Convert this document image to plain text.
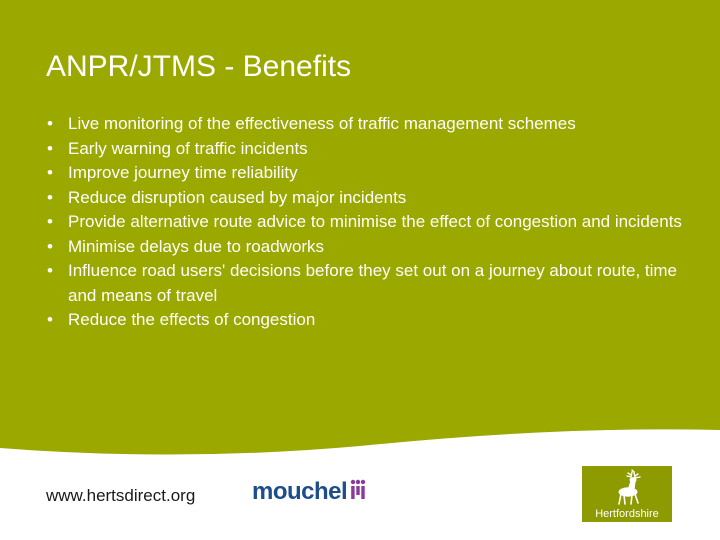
ANPR/JTMS - Benefits
• Live monitoring of the effectiveness of traffic management schemes
• Early warning of traffic incidents
• Improve journey time reliability
• Reduce disruption caused by major incidents
• Provide alternative route advice to minimise the effect of congestion and incidents
• Minimise delays due to roadworks
• Influence road users' decisions before they set out on a journey about route, time and means of travel
• Reduce the effects of congestion
www.hertsdirect.org mouchel
Hertfordshire
